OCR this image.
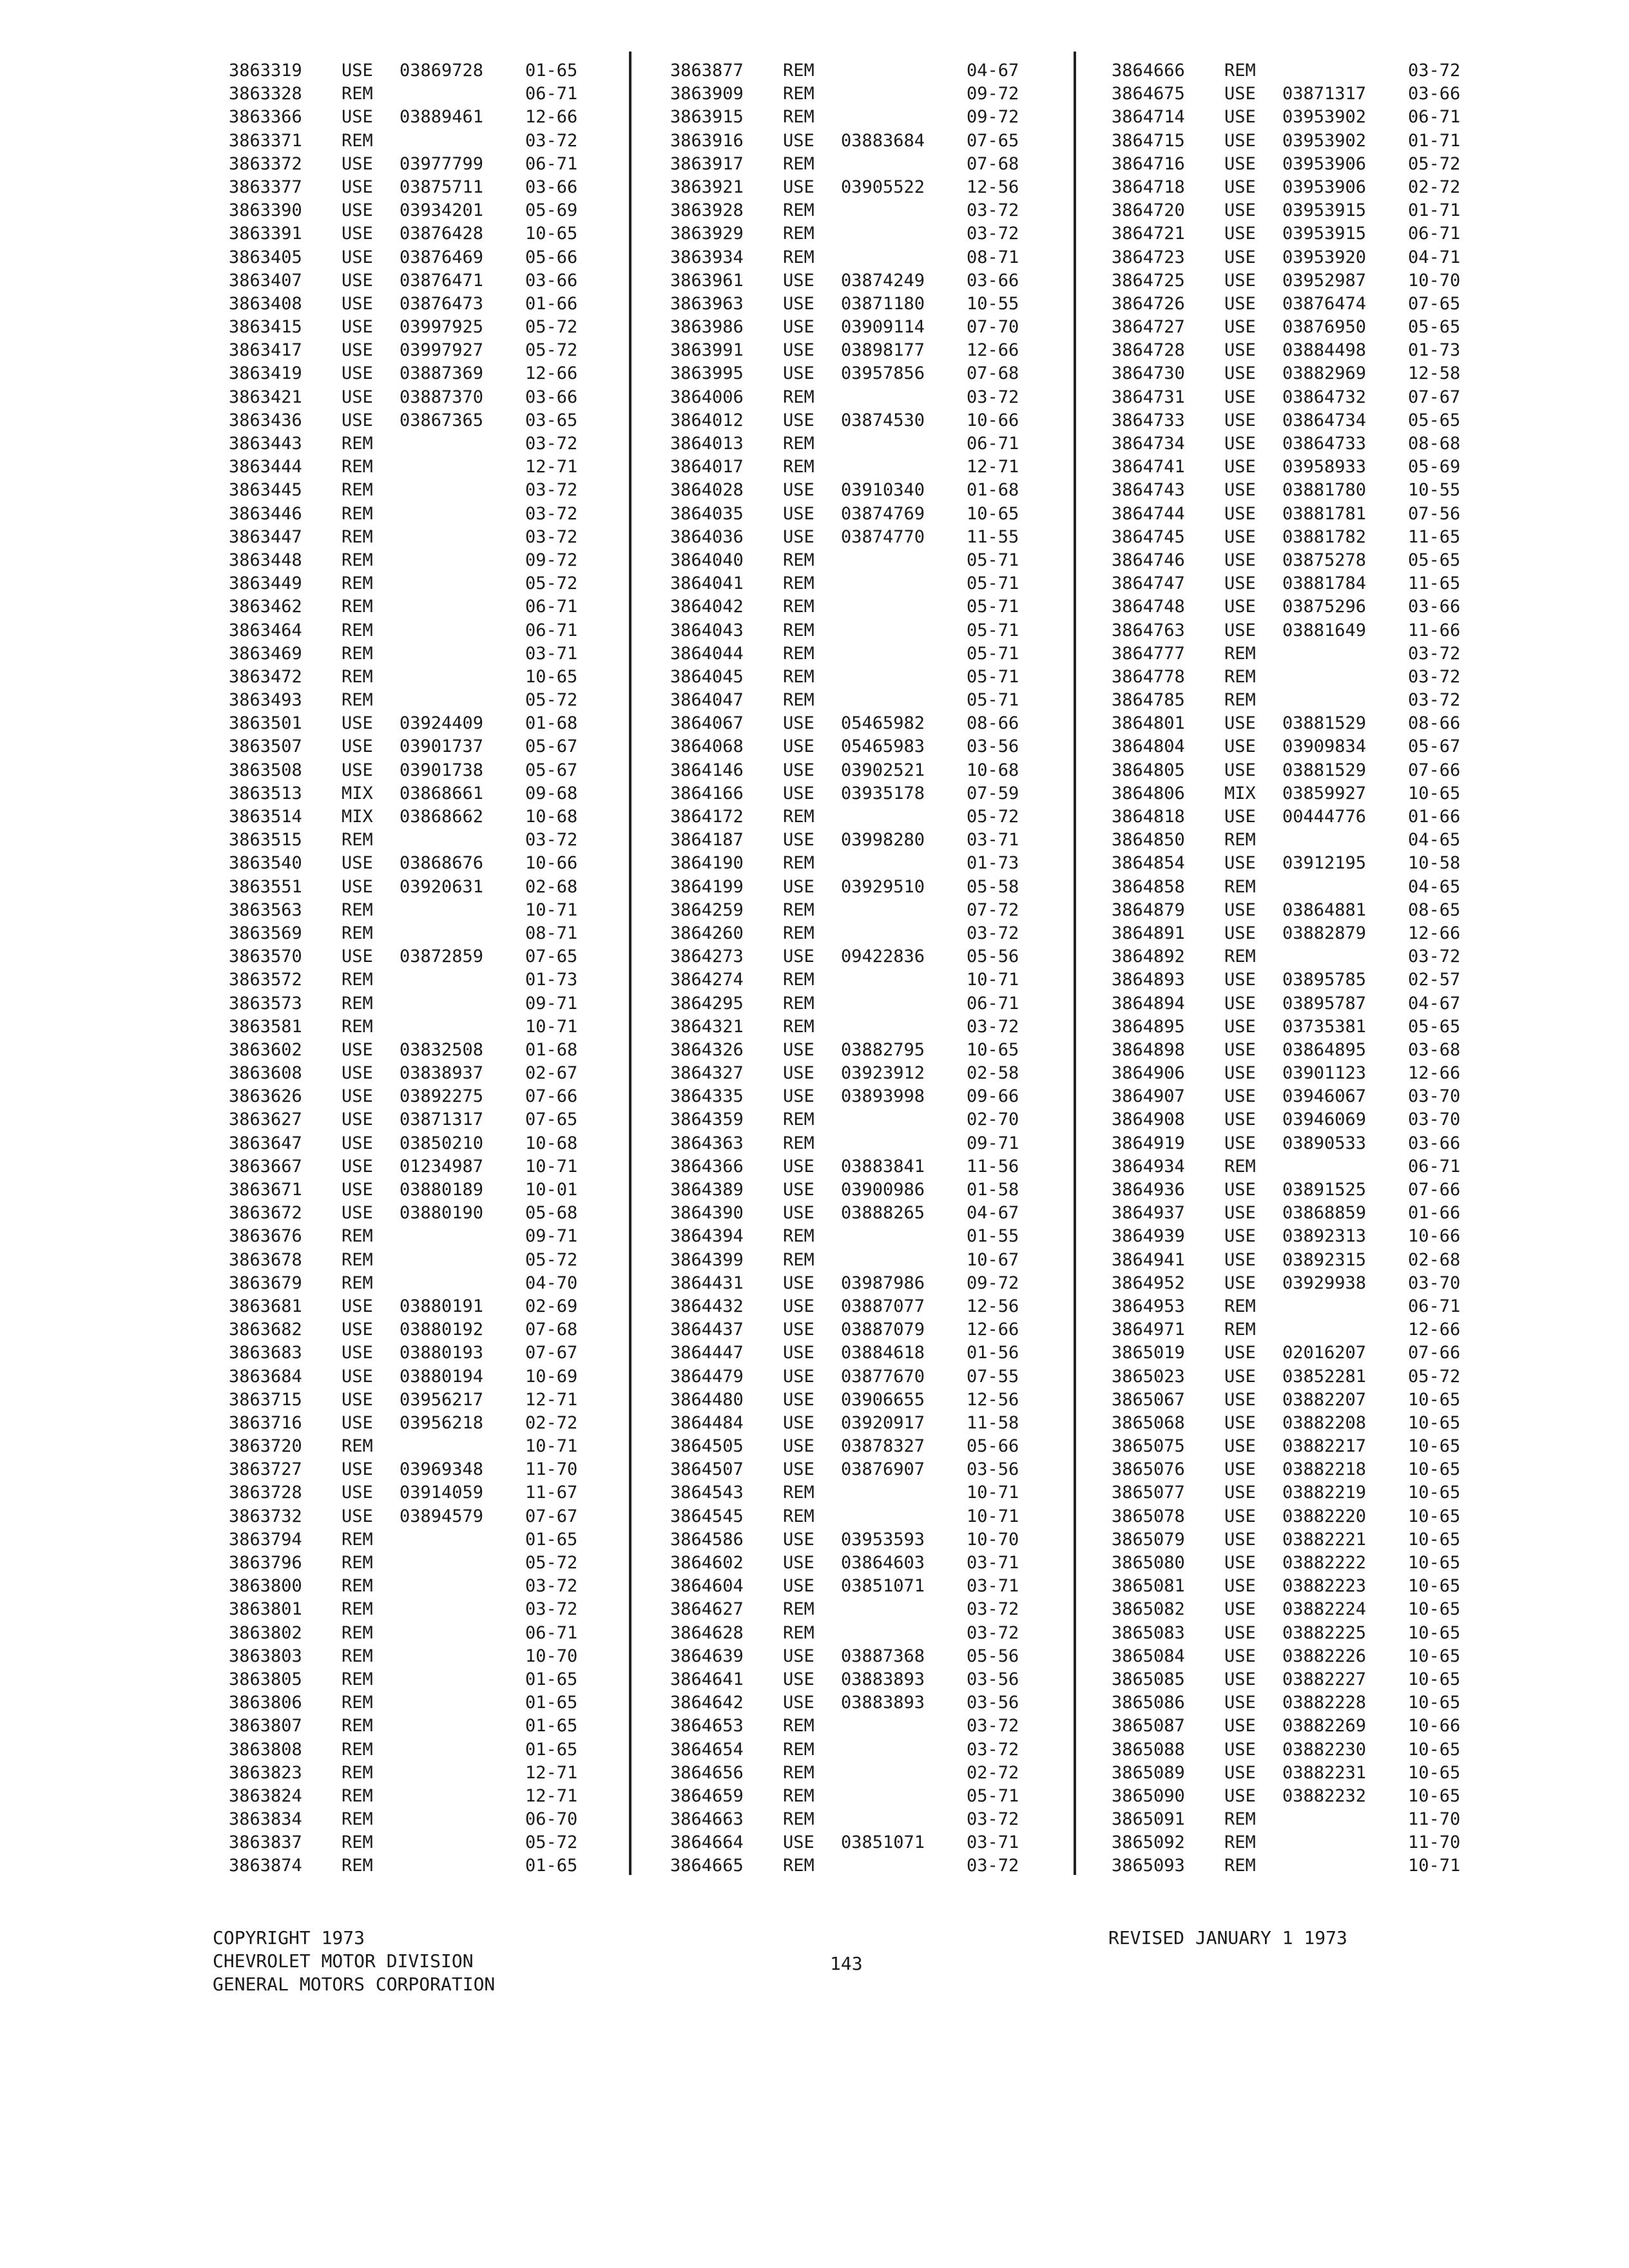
3863319 USE 03869728 01-65
3863328 REM	06-71
3863366 USE 03889461 12-66
3863371 REM	03-72
3863372 USE 03977799 06-71
3863377 USE 03875711 03-66
3863390 USE 03934201 05-69
3863391 USE 03876428 10-65
3863405 USE 03876469 05-66
3863407 USE 03876471 03-66
3863408 USE 03876473 01-66
3863415 USE 03997925 05-72
3863417 USE 03997927 05-72
3863419 USE 03887369 12-66
3863421 USE 03887370 03-66
3863436 USE 03867365 03-65
3863443 REM	03-72
3863444 REM	12-71
3863445 REM	03-72
3863446 REM	03-72
3863447 REM	03-72
3863448 REM	09-72
3863449 REM	05-72
3863462 REM	06-71
3863464 REM	06-71
3863469 REM	03-71
3863472 REM	10-65
3863493 REM	05-72
3863501 USE 03924409 01-68
3863507 USE 03901737 05-67
3863508 USE 03901738 05-67
3863513 MIX 03868661 09-68
3863514 MIX 03868662 10-68
3863515 REM	03-72
3863540 USE 03868676 10-66
3863551 USE 03920631 02-68
3863563 REM	10-71
3863569 REM	08-71
3863570 USE 03872859 07-65
3863572 REM	01-73
3863573 REM	09-71
3863581 REM	10-71
3863602 USE 03832508 01-68
3863608 USE 03838937 02-67
3863626 USE 03892275 07-66
3863627 USE 03871317 07-65
3863647 USE 03850210 10-68
3863667 USE 01234987 10-71
3863671 USE 03880189 10-01
3863672 USE 03880190 05-68
3863676 REM	09-71
3863678 REM	05-72
3863679 REM	04-70
3863681 USE 03880191 02-69
3863682 USE 03880192 07-68
3863683 USE 03880193 07-67
3863684 USE 03880194 10-69
3863715 USE 03956217 12-71
3863716 USE 03956218 02-72
3863720 REM	10-71
3863727 USE 03969348 11-70
3863728 USE 03914059 11-67
3863732 USE 03894579 07-67
3863794 REM	01-65
3863796 REM	05-72
3863800 REM	03-72
3863801 REM	03-72
3863802 REM	06-71
3863803 REM	10-70
3863805 REM	01-65
3863806 REM	01-65
3863807 REM	01-65
3863808 REM	01-65
3863823 REM	12-71
3863824 REM	12-71
3863834 REM	06-70
3863837 REM	05-72
3863874 REM	01-65
3863877 REM	04-67
3863909 REM	09-72
3863915 REM	09-72
3863916 USE 03883684 07-65
3863917 REM	07-68
3863921 USE 03905522 12-56
3863928 REM	03-72
3863929 REM	03-72
3863934 REM	08-71
3863961 USE 03874249 03-66
3863963 USE 03871180 10-55
3863986 USE 03909114 07-70
3863991 USE 03898177 12-66
3863995 USE 03957856 07-68
3864006 REM	03-72
3864012 USE 03874530 10-66
3864013 REM	06-71
3864017 REM	12-71
3864028 USE 03910340 01-68
3864035 USE 03874769 10-65
3864036 USE 03874770 11-55
3864040 REM	05-71
3864041 REM	05-71
3864042 REM	05-71
3864043 REM	05-71
3864044 REM	05-71
3864045 REM	05-71
3864047 REM	05-71
3864067 USE 05465982 08-66
3864068 USE 05465983 03-56
3864146 USE 03902521 10-68
3864166 USE 03935178 07-59
3864172 REM	05-72
3864187 USE 03998280 03-71
3864190 REM	01-73
3864199 USE 03929510 05-58
3864259 REM	07-72
3864260 REM	03-72
3864273 USE 09422836 05-56
3864274 REM	10-71
3864295 REM	06-71
3864321 REM	03-72
3864326 USE 03882795 10-65
3864327 USE 03923912 02-58
3864335 USE 03893998 09-66
3864359 REM	02-70
3864363 REM	09-71
3864366 USE 03883841 11-56
3864389 USE 03900986 01-58
3864390 USE 03888265 04-67
3864394 REM	01-55
3864399 REM	10-67
3864431 USE 03987986 09-72
3864432 USE 03887077 12-56
3864437 USE 03887079 12-66
3864447 USE 03884618 01-56
3864479 USE 03877670 07-55
3864480 USE 03906655 12-56
3864484 USE 03920917 11-58
3864505 USE 03878327 05-66
3864507 USE 03876907 03-56
3864543 REM	10-71
3864545 REM	10-71
3864586 USE 03953593 10-70
3864602 USE 03864603 03-71
3864604 USE 03851071 03-71
3864627 REM	03-72
3864628 REM	03-72
3864639 USE 03887368 05-56
3864641 USE 03883893 03-56
3864642 USE 03883893 03-56
3864653 REM	03-72
3864654 REM	03-72
3864656 REM	02-72
3864659 REM	05-71
3864663 REM	03-72
3864664 USE 03851071 03-71
3864665 REM	03-72
3864666 REM	03-72
3864675 USE 03871317 03-66
3864714 USE 03953902 06-71
3864715 USE 03953902 01-71
3864716 USE 03953906 05-72
3864718 USE 03953906 02-72
3864720 USE 03953915 01-71
3864721 USE 03953915 06-71
3864723 USE 03953920 04-71
3864725 USE 03952987 10-70
3864726 USE 03876474 07-65
3864727 USE 03876950 05-65
3864728 USE 03884498 01-73
3864730 USE 03882969 12-58
3864731 USE 03864732 07-67
3864733 USE 03864734 05-65
3864734 USE 03864733 08-68
3864741 USE 03958933 05-69
3864743 USE 03881780 10-55
3864744 USE 03881781 07-56
3864745 USE 03881782 11-65
3864746 USE 03875278 05-65
3864747 USE 03881784 11-65
3864748 USE 03875296 03-66
3864763 USE 03881649 11-66
3864777 REM	03-72
3864778 REM	03-72
3864785 REM	03-72
3864801 USE 03881529 08-66
3864804 USE 03909834 05-67
3864805 USE 03881529 07-66
3864806 MIX 03859927 10-65
3864818 USE 00444776 01-66
3864850 REM	04-65
3864854 USE 03912195 10-58
3864858 REM	04-65
3864879 USE 03864881 08-65
3864891 USE 03882879 12-66
3864892 REM	03-72
3864893 USE 03895785 02-57
3864894 USE 03895787 04-67
3864895 USE 03735381 05-65
3864898 USE 03864895 03-68
3864906 USE 03901123 12-66
3864907 USE 03946067 03-70
3864908 USE 03946069 03-70
3864919 USE 03890533 03-66
3864934 REM	06-71
3864936 USE 03891525 07-66
3864937 USE 03868859 01-66
3864939 USE 03892313 10-66
3864941 USE 03892315 02-68
3864952 USE 03929938 03-70
3864953 REM	06-71
3864971 REM	12-66
3865019 USE 02016207 07-66
3865023 USE 03852281 05-72
3865067 USE 03882207 10-65
3865068 USE 03882208 10-65
3865075 USE 03882217 10-65
3865076 USE 03882218 10-65
3865077 USE 03882219 10-65
3865078 USE 03882220 10-65
3865079 USE 03882221 10-65
3865080 USE 03882222 10-65
3865081 USE 03882223 10-65
3865082 USE 03882224 10-65
3865083 USE 03882225 10-65
3865084 USE 03882226 10-65
3865085 USE 03882227 10-65
3865086 USE 03882228 10-65
3865087 USE 03882269 10-66
3865088 USE 03882230 10-65
3865089 USE 03882231 10-65
3865090 USE 03882232 10-65
3865091 REM	11-70
3865092 REM	11-70
3865093 REM	10-71
COPYRIGHT 1973
CHEVROLET MOTOR DIVISION
GENERAL MOTORS CORPORATION
143
REVISED JANUARY 1 1973
